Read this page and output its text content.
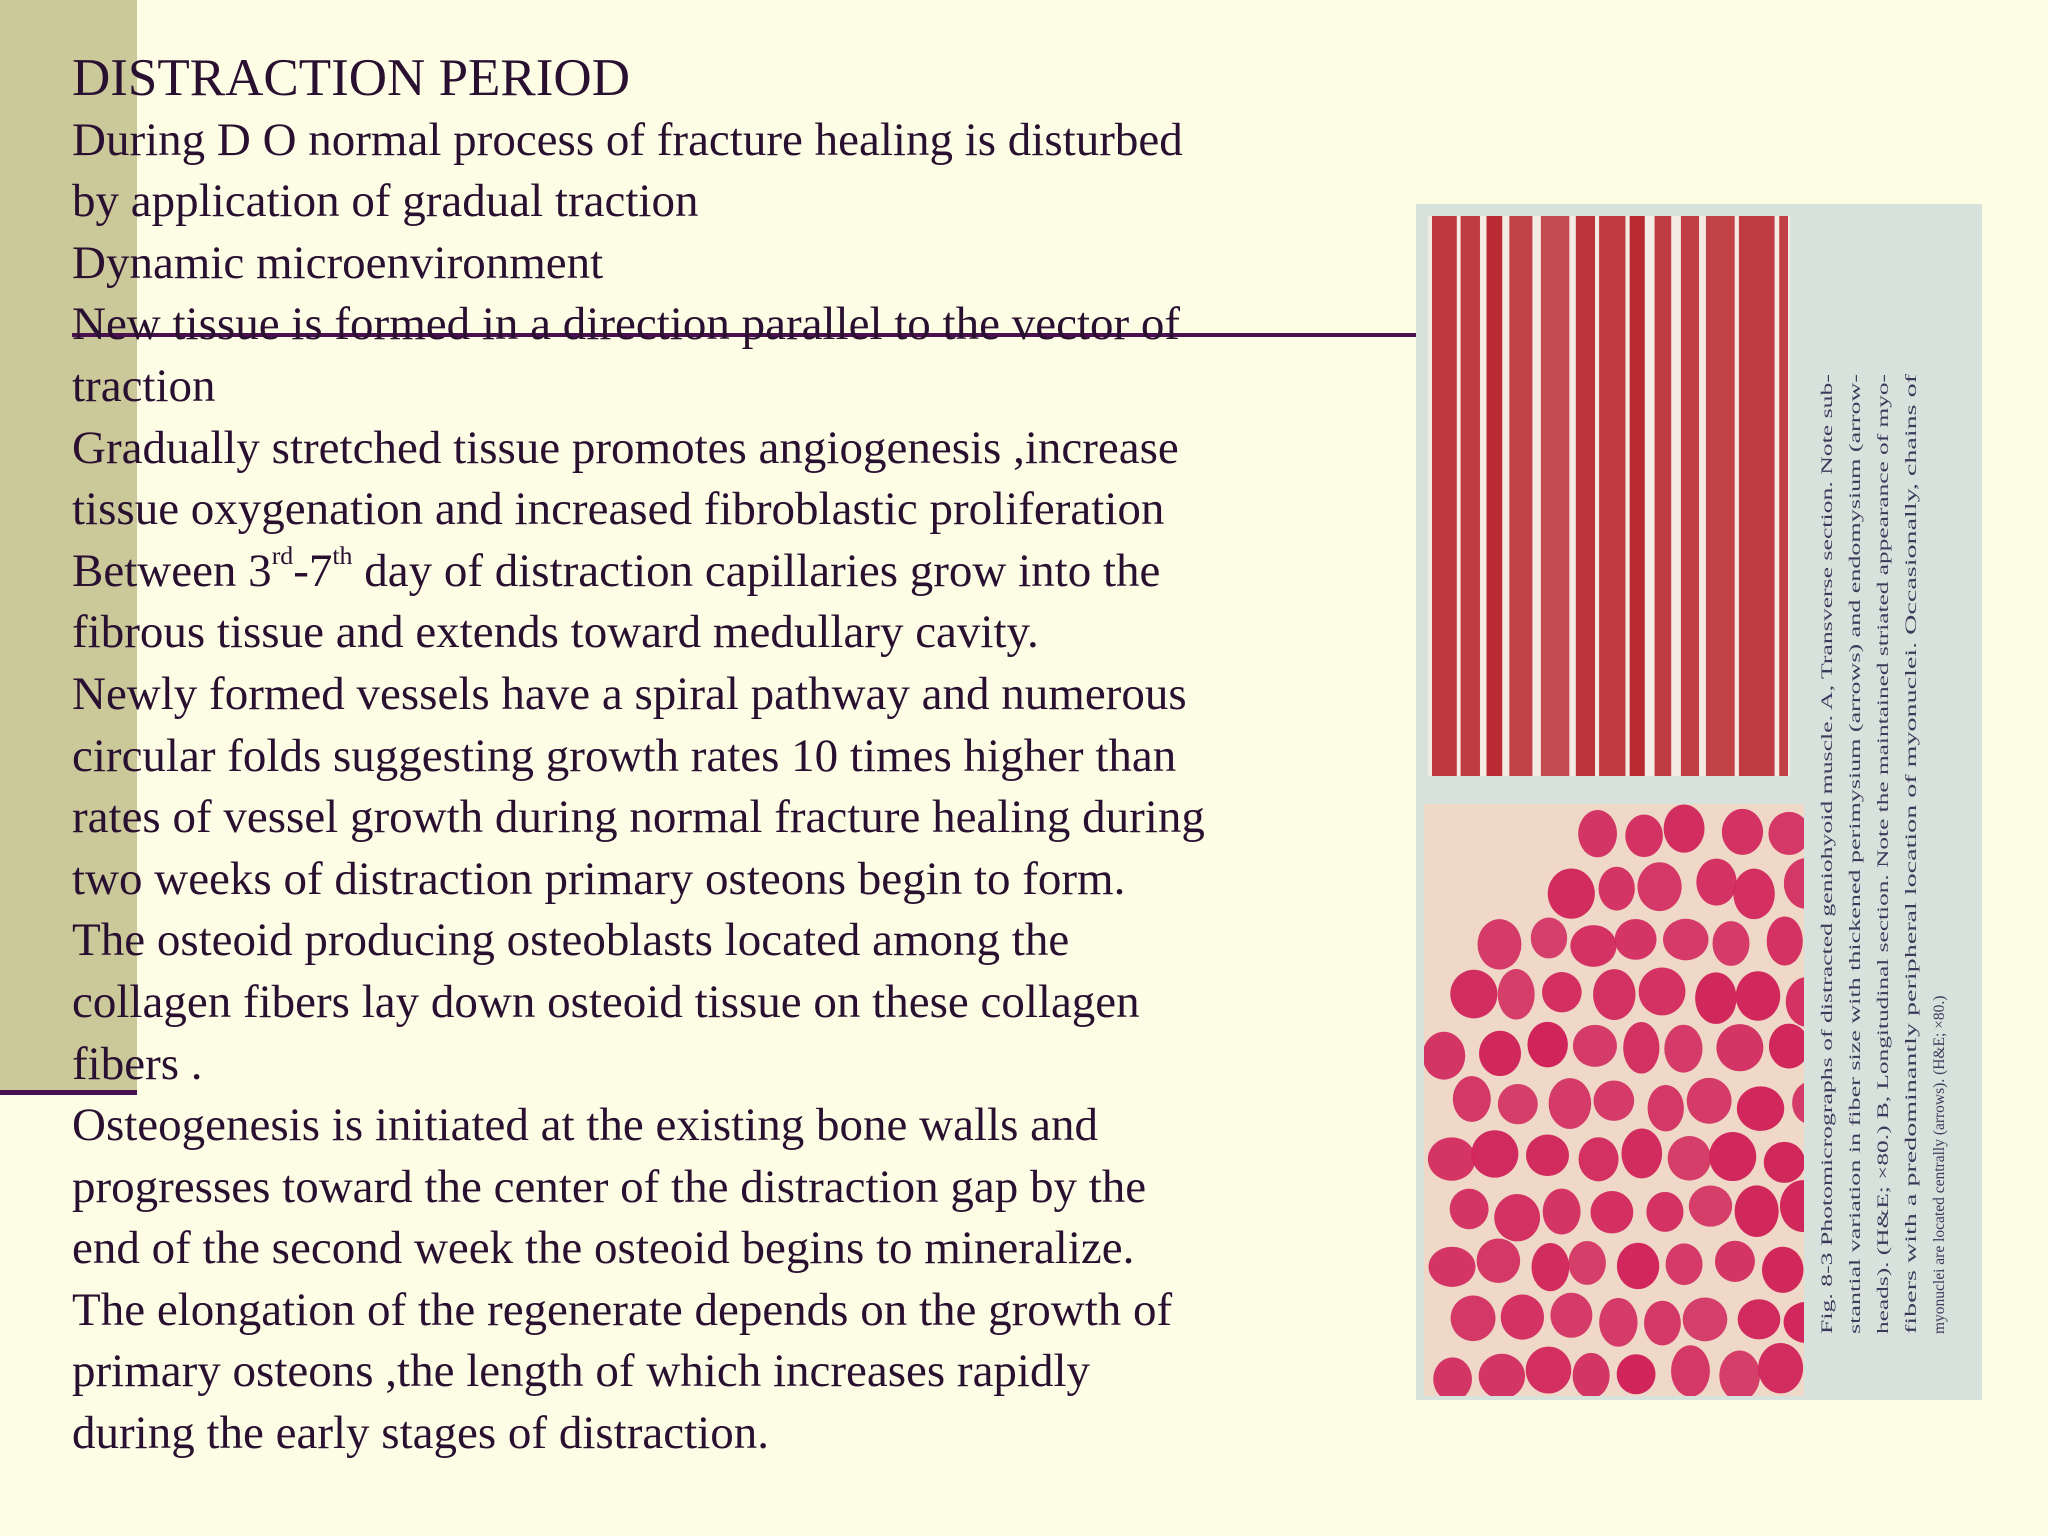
DISTRACTION PERIOD
During D O normal process of fracture healing is disturbed
by application of gradual traction
Dynamic microenvironment
New tissue is formed in a direction parallel to the vector of
traction
Gradually stretched tissue promotes angiogenesis ,increase
tissue oxygenation and increased fibroblastic proliferation
Between 3rd-7th day of distraction capillaries grow into the
fibrous tissue and extends toward medullary cavity.
Newly formed vessels have a spiral pathway and numerous
circular folds suggesting growth rates 10 times higher than
rates of vessel growth during normal fracture healing during
two weeks of distraction primary osteons begin to form.
The osteoid producing osteoblasts located among the
collagen fibers lay down osteoid tissue on these collagen
fibers .
Osteogenesis is initiated at the existing bone walls and
progresses toward the center of the distraction gap by the
end of the second week the osteoid begins to mineralize.
The elongation of the regenerate depends on the growth of
primary osteons ,the length of which increases rapidly
during the early stages of distraction.
Fig. 8-3 Photomicrographs of distracted geniohyoid muscle. A, Transverse section. Note sub- stantial variation in fiber size with thickened perimysium (arrows) and endomysium (arrow- heads). (H&E; ×80.) B, Longitudinal section. Note the maintained striated appearance of myo- fibers with a predominantly peripheral location of myonuclei. Occasionally, chains of myonuclei are located centrally (arrows). (H&E; ×80.)
